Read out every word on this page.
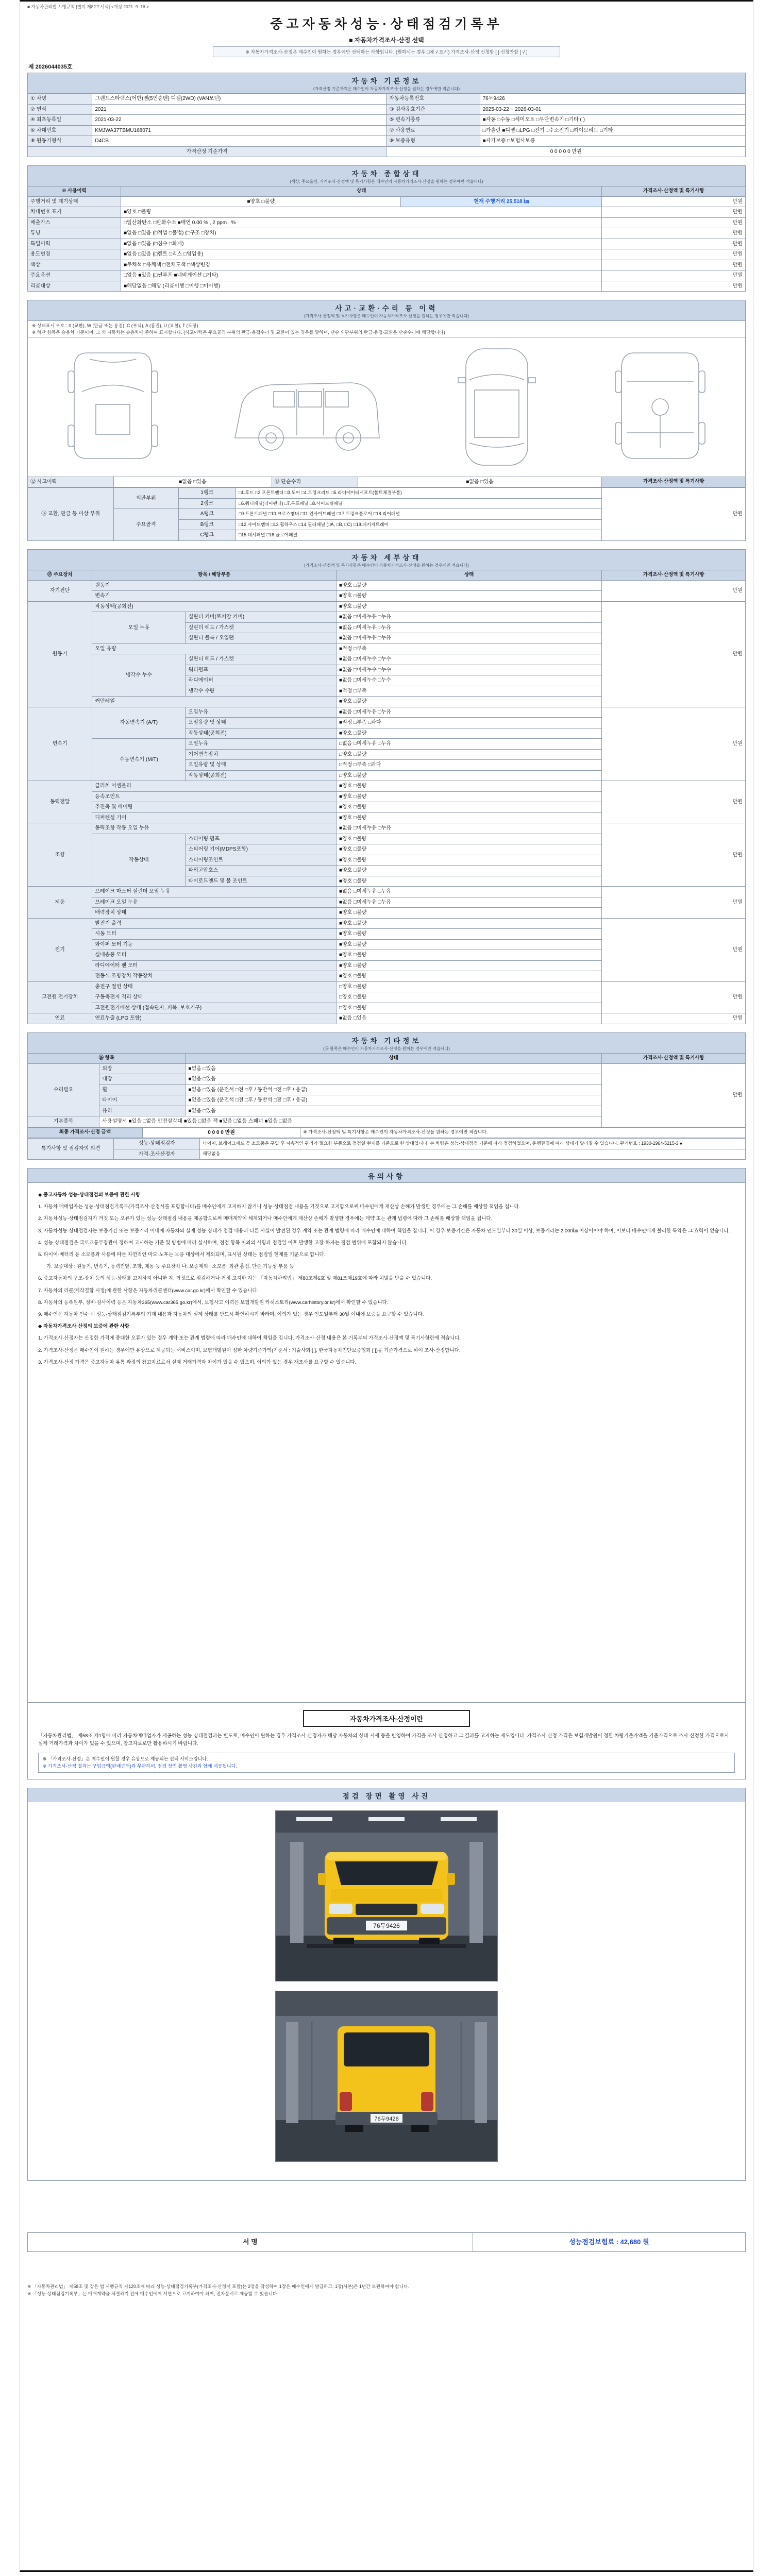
■ 자동차관리법 시행규칙 [별지 제82호서식] <개정 2021. 9. 16.>
중고자동차성능·상태점검기록부
■ 자동차가격조사·산정 선택
※ 자동차가격조사·산정은 매수인이 원하는 경우에만 선택하는 사항입니다. (원하시는 경우 □에 √ 표시) 가격조사·산정 신청함 [ ] 신청안함 [ √ ]
제 2026044035호
자동차 기본정보
(가격산정 기준가격은 매수인이 자동차가격조사·산정을 원하는 경우에만 적습니다)
① 차명	그랜드스타렉스(어반)밴(5인승밴) 디젤(2WD) (VAN모던)	자동차등록번호	76두9426
② 연식	2021	③ 검사유효기간	2025-03-22 ~ 2026-03-01
④ 최초등록일	2021-03-22	⑤ 변속기종류	■자동 □수동 □세미오토 □무단변속기 □기타 ( )
⑥ 차대번호	KMJWA37TBMU168071	⑦ 사용연료	□가솔린 ■디젤 □LPG □전기 □수소전기 □하이브리드 □기타
⑧ 원동기형식	D4CB	⑨ 보증유형	■자가보증 □보험사보증
가격산정 기준가격		0 0 0 0 0 만원	
자동차 종합상태
(색상, 주요옵션, 가격조사·산정액 및 특기사항은 매수인이 자동차가격조사·산정을 원하는 경우에만 적습니다)
⑩ 사용이력	상태		가격조사·산정액 및 특기사항
주행거리 및 계기상태	■양호 □불량	현재 주행거리 25,518 ㎞	만원
차대번호 표기	■양호 □불량		만원
배출가스	□일산화탄소 □탄화수소 ■매연 0.00 % , 2 ppm , %		만원
튜닝	■없음 □있음 (□적법 □불법) (□구조 □장치)		만원
특별이력	■없음 □있음 (□침수 □화재)		만원
용도변경	■없음 □있음 (□렌트 □리스 □영업용)		만원
색상	■무채색 □유채색 □전체도색 □색상변경		만원
주요옵션	□없음 ■있음 (□썬루프 ■네비게이션 □기타)		만원
리콜대상	■해당없음 □해당 (리콜이행 □이행 □미이행)		만원
사고·교환·수리 등 이력
(가격조사·산정액 및 특기사항은 매수인이 자동차가격조사·산정을 원하는 경우에만 적습니다)
※ 상태표시 부호 : X (교환), W (판금 또는 용접), C (부식), A (흠집), U (요철), T (도장)
※ 하단 항목은 승용차 기준이며, 그 외 자동차는 승용차에 준하여 표시합니다. (사고이력은 주요골격 부위의 판금·용접수리 및 교환이 있는 경우를 말하며, 단순 외판부위의 판금·용접·교환은 단순수리에 해당합니다)
⑫ 사고이력	■없음 □있음	⑬ 단순수리	■없음 □있음	가격조사·산정액 및 특기사항
⑭ 교환, 판금 등 이상 부위	외판부위	1랭크	□1.후드 □2.프론트펜더 □3.도어 □4.트렁크리드 □5.라디에이터서포트(볼트체결부품)	만원
		2랭크	□6.쿼터패널(리어펜더) □7.루프패널 □8.사이드실패널	
	주요골격	A랭크	□9.프론트패널 □10.크로스멤버 □11.인사이드패널 □17.트렁크플로어 □18.리어패널	
		B랭크	□12.사이드멤버 □13.휠하우스 □14.필러패널 (□A, □B, □C) □19.패키지트레이	
		C랭크	□15.대시패널 □16.플로어패널	
자동차 세부상태
(가격조사·산정액 및 특기사항은 매수인이 자동차가격조사·산정을 원하는 경우에만 적습니다)
⑮ 주요장치	항목 / 해당부품		상태	가격조사·산정액 및 특기사항
자기진단	원동기		■양호 □불량	만원
	변속기		■양호 □불량	
원동기	작동상태(공회전)		■양호 □불량	만원
	오일 누유	실린더 커버(로커암 커버)	■없음 □미세누유 □누유	
		실린더 헤드 / 가스켓	■없음 □미세누유 □누유	
		실린더 블록 / 오일팬	■없음 □미세누유 □누유	
	오일 유량		■적정 □부족	
	냉각수 누수	실린더 헤드 / 가스켓	■없음 □미세누수 □누수	
		워터펌프	■없음 □미세누수 □누수	
		라디에이터	■없음 □미세누수 □누수	
		냉각수 수량	■적정 □부족	
	커먼레일		■양호 □불량	
변속기	자동변속기 (A/T)	오일누유	■없음 □미세누유 □누유	만원
		오일유량 및 상태	■적정 □부족 □과다	
		작동상태(공회전)	■양호 □불량	
	수동변속기 (M/T)	오일누유	□없음 □미세누유 □누유	
		기어변속장치	□양호 □불량	
		오일유량 및 상태	□적정 □부족 □과다	
		작동상태(공회전)	□양호 □불량	
동력전달	클러치 어셈블리		■양호 □불량	만원
	등속조인트		■양호 □불량	
	추진축 및 베어링		■양호 □불량	
	디퍼렌셜 기어		■양호 □불량	
조향	동력조향 작동 오일 누유		■없음 □미세누유 □누유	만원
	작동상태	스티어링 펌프	■양호 □불량	
		스티어링 기어(MDPS포함)	■양호 □불량	
		스티어링조인트	■양호 □불량	
		파워고압호스	■양호 □불량	
		타이로드엔드 및 볼 조인트	■양호 □불량	
제동	브레이크 마스터 실린더 오일 누유		■없음 □미세누유 □누유	만원
	브레이크 오일 누유		■없음 □미세누유 □누유	
	배력장치 상태		■양호 □불량	
전기	발전기 출력		■양호 □불량	만원
	시동 모터		■양호 □불량	
	와이퍼 모터 기능		■양호 □불량	
	실내송풍 모터		■양호 □불량	
	라디에이터 팬 모터		■양호 □불량	
	전동식 조향장치 작동장치		■양호 □불량	
고전원 전기장치	충전구 절연 상태		□양호 □불량	만원
	구동축전지 격리 상태		□양호 □불량	
	고전원전기배선 상태 (접속단자, 피복, 보호기구)		□양호 □불량	
연료	연료누출 (LPG 포함)		■없음 □있음	만원
자동차 기타정보
(⑯ 항목은 매수인이 자동차가격조사·산정을 원하는 경우에만 적습니다)
⑯ 항목		상태	가격조사·산정액 및 특기사항
수리필요	외장	■없음 □있음	만원
	내장	■없음 □있음	
	휠	■없음 □있음 (운전석 □전 □후 / 동반석 □전 □후 / 응급)	
	타이어	■없음 □있음 (운전석 □전 □후 / 동반석 □전 □후 / 응급)	
	유리	■없음 □있음	
기본품목	사용설명서 ■있음 □없음 안전삼각대 ■있음 □없음 잭 ■있음 □없음 스패너 ■있음 □없음		
최종 가격조사·산정 금액	0 0 0 0 만원	※ 가격조사·산정액 및 특기사항은 매수인이 자동차가격조사·산정을 원하는 경우에만 적습니다.
특기사항 및 점검자의 의견	성능·상태점검자	타이어, 브레이크패드 등 소모품은 구입 후 지속적인 관리가 필요한 부품으로 점검일 현재를 기준으로 한 상태입니다. 본 차량은 성능·상태점검 기준에 따라 점검하였으며, 운행환경에 따라 상태가 달라질 수 있습니다. 관리번호 : 1930-1964-5215-3 ♠
	가격·조사산정자	해당없음
유의사항
◆ 중고자동차 성능·상태점검의 보증에 관한 사항
1. 자동차 매매업자는 성능·상태점검기록부(가격조사·산정서를 포함합니다)를 매수인에게 고지하지 않거나 성능·상태점검 내용을 거짓으로 고지함으로써 매수인에게 재산상 손해가 발생한 경우에는 그 손해를 배상할 책임을 집니다.
2. 자동차성능·상태점검자가 거짓 또는 오류가 있는 성능·상태점검 내용을 제공함으로써 매매계약이 해제되거나 매수인에게 재산상 손해가 발생한 경우에는 계약 또는 관계 법령에 따라 그 손해를 배상할 책임을 집니다.
3. 자동차성능·상태점검자는 보증기간 또는 보증거리 이내에 자동차의 실제 성능·상태가 점검 내용과 다른 사실이 발견된 경우 계약 또는 관계 법령에 따라 매수인에 대하여 책임을 집니다. 이 경우 보증기간은 자동차 인도일부터 30일 이상, 보증거리는 2,000㎞ 이상이어야 하며, 이보다 매수인에게 불리한 특약은 그 효력이 없습니다.
4. 성능·상태점검은 국토교통부장관이 정하여 고시하는 기준 및 방법에 따라 실시하며, 점검 항목 이외의 사항과 점검일 이후 발생한 고장·하자는 점검 범위에 포함되지 않습니다.
5. 타이어·배터리 등 소모품과 사용에 따른 자연적인 마모·노후는 보증 대상에서 제외되며, 표시된 상태는 점검일 현재를 기준으로 합니다.
가. 보증대상 : 원동기, 변속기, 동력전달, 조향, 제동 등 주요장치 나. 보증제외 : 소모품, 외관 흠집, 단순 기능성 부품 등
6. 중고자동차의 구조·장치 등의 성능·상태를 고지하지 아니한 자, 거짓으로 점검하거나 거짓 고지한 자는 「자동차관리법」 제80조제6호 및 제81조제19호에 따라 처벌을 받을 수 있습니다.
7. 자동차의 리콜(제작결함 시정)에 관한 사항은 자동차리콜센터(www.car.go.kr)에서 확인할 수 있습니다.
8. 자동차의 등록원부, 정비·검사이력 등은 자동차365(www.car365.go.kr)에서, 보험사고 이력은 보험개발원 카히스토리(www.carhistory.or.kr)에서 확인할 수 있습니다.
9. 매수인은 자동차 인수 시 성능·상태점검기록부의 기재 내용과 자동차의 실제 상태를 반드시 확인하시기 바라며, 이의가 있는 경우 인도일부터 30일 이내에 보증을 요구할 수 있습니다.
◆ 자동차가격조사·산정의 보증에 관한 사항
1. 가격조사·산정자는 산정한 가격에 중대한 오류가 있는 경우 계약 또는 관계 법령에 따라 매수인에 대하여 책임을 집니다. 가격조사·산정 내용은 본 기록부의 가격조사·산정액 및 특기사항란에 적습니다.
2. 가격조사·산정은 매수인이 원하는 경우에만 유상으로 제공되는 서비스이며, 보험개발원이 정한 차량기준가액(기준서 : 기술사회 [ ], 한국자동차진단보증협회 [ ])을 기준가격으로 하여 조사·산정합니다.
3. 가격조사·산정 가격은 중고자동차 유통 과정의 참고자료로서 실제 거래가격과 차이가 있을 수 있으며, 이의가 있는 경우 재조사를 요구할 수 있습니다.
자동차가격조사·산정이란
「자동차관리법」 제58조 제1항에 따라 자동차매매업자가 제공하는 성능·상태점검과는 별도로, 매수인이 원하는 경우 가격조사·산정자가 해당 자동차의 상태·시세 등을 반영하여 가격을 조사·산정하고 그 결과를 고지하는 제도입니다. 가격조사·산정 가격은 보험개발원이 정한 차량기준가액을 기준가격으로 조사·산정한 가격으로서 실제 거래가격과 차이가 있을 수 있으며, 참고자료로만 활용하시기 바랍니다.
※ 「가격조사·산정」은 매수인이 원할 경우 유상으로 제공되는 선택 서비스입니다.
※ 가격조사·산정 결과는 구입금액(판매금액)과 무관하며, 점검 장면 촬영 사진과 함께 제공됩니다.
점검 장면 촬영 사진
76두9426
76두9426
서 명	성능점검보험료 : 42,680 원
※ 「자동차관리법」 제58조 및 같은 법 시행규칙 제120조에 따라 성능·상태점검기록부(가격조사·산정서 포함)는 2장을 작성하여 1장은 매수인에게 발급하고, 1장(사본)은 1년간 보관하여야 합니다.
※ 「성능·상태점검기록부」는 매매계약을 체결하기 전에 매수인에게 서면으로 고지하여야 하며, 전자문서로 제공할 수 있습니다.
